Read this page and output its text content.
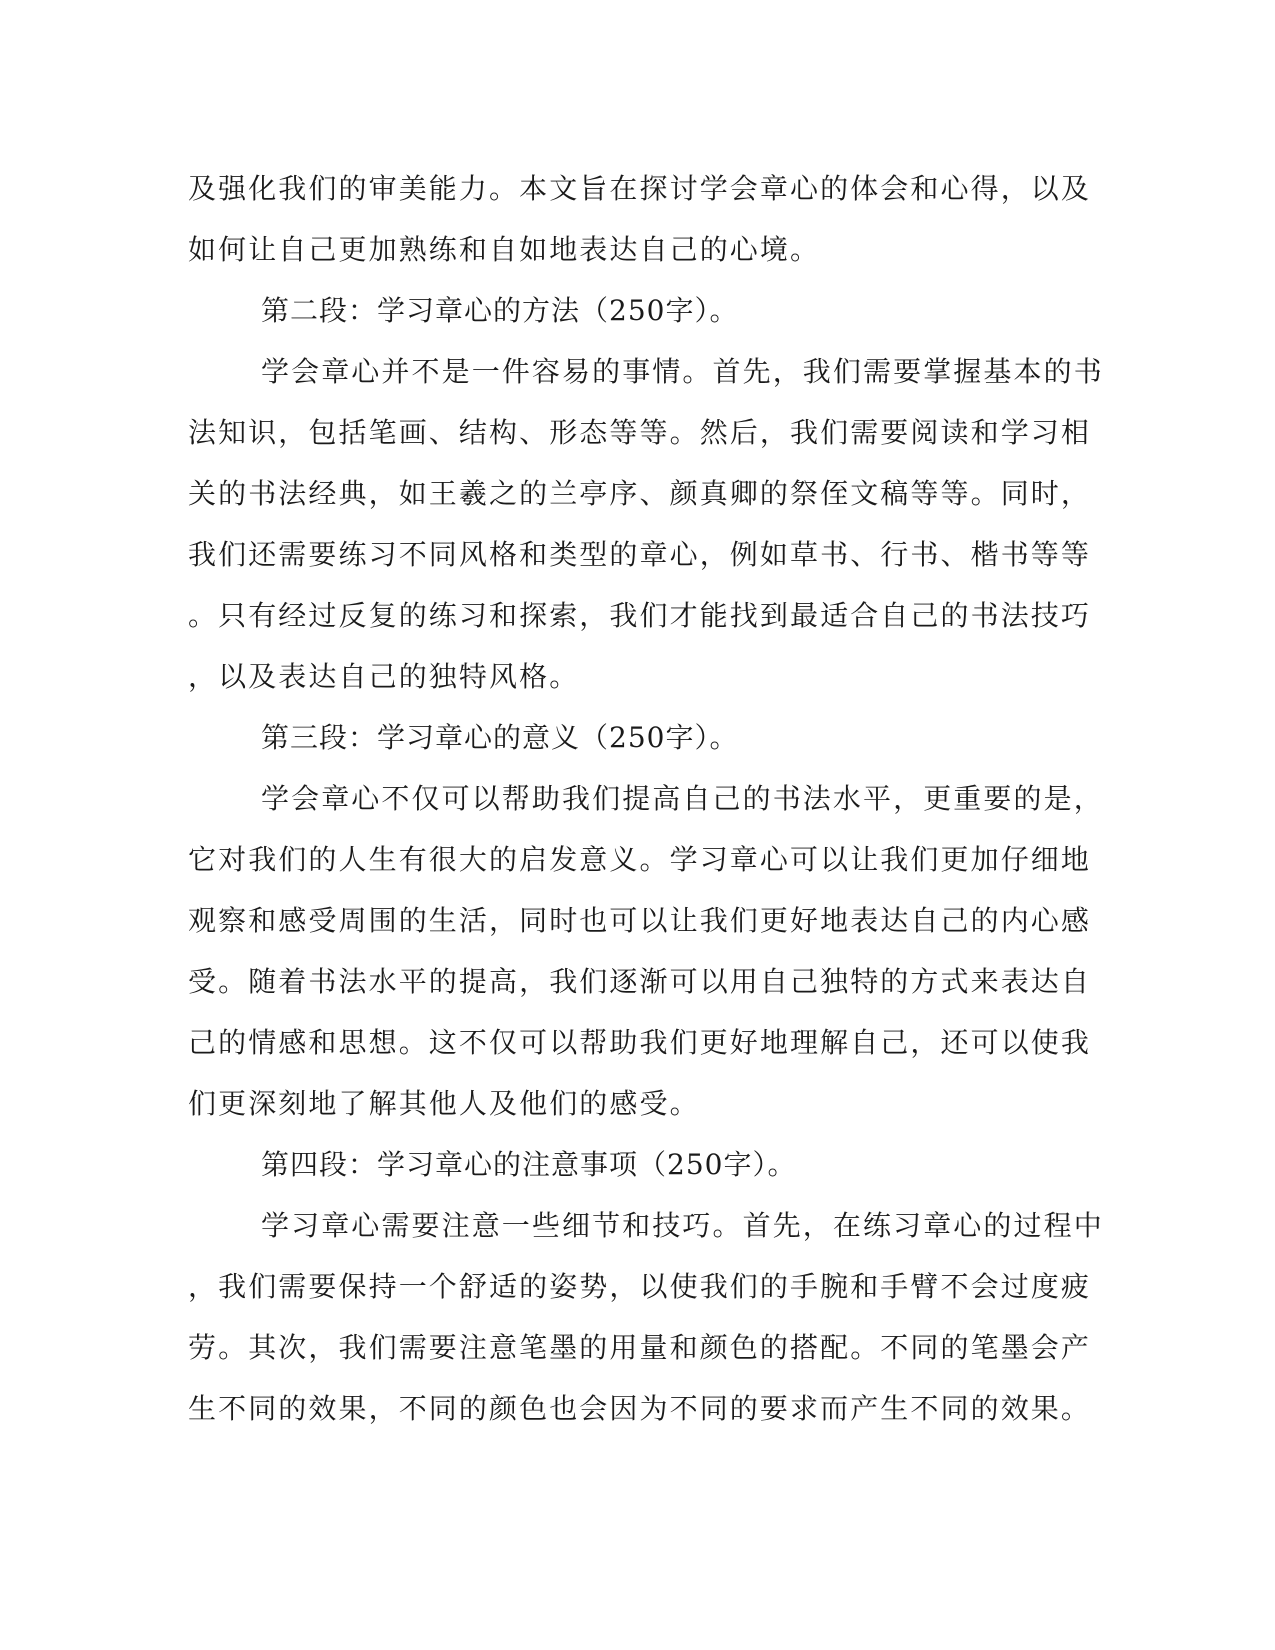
及强化我们的审美能力。本文旨在探讨学会章心的体会和心得，以及
如何让自己更加熟练和自如地表达自己的心境。
第二段：学习章心的方法（250字）。
学会章心并不是一件容易的事情。首先，我们需要掌握基本的书
法知识，包括笔画、结构、形态等等。然后，我们需要阅读和学习相
关的书法经典，如王羲之的兰亭序、颜真卿的祭侄文稿等等。同时，
我们还需要练习不同风格和类型的章心，例如草书、行书、楷书等等
。只有经过反复的练习和探索，我们才能找到最适合自己的书法技巧
，以及表达自己的独特风格。
第三段：学习章心的意义（250字）。
学会章心不仅可以帮助我们提高自己的书法水平，更重要的是，
它对我们的人生有很大的启发意义。学习章心可以让我们更加仔细地
观察和感受周围的生活，同时也可以让我们更好地表达自己的内心感
受。随着书法水平的提高，我们逐渐可以用自己独特的方式来表达自
己的情感和思想。这不仅可以帮助我们更好地理解自己，还可以使我
们更深刻地了解其他人及他们的感受。
第四段：学习章心的注意事项（250字）。
学习章心需要注意一些细节和技巧。首先，在练习章心的过程中
，我们需要保持一个舒适的姿势，以使我们的手腕和手臂不会过度疲
劳。其次，我们需要注意笔墨的用量和颜色的搭配。不同的笔墨会产
生不同的效果，不同的颜色也会因为不同的要求而产生不同的效果。
